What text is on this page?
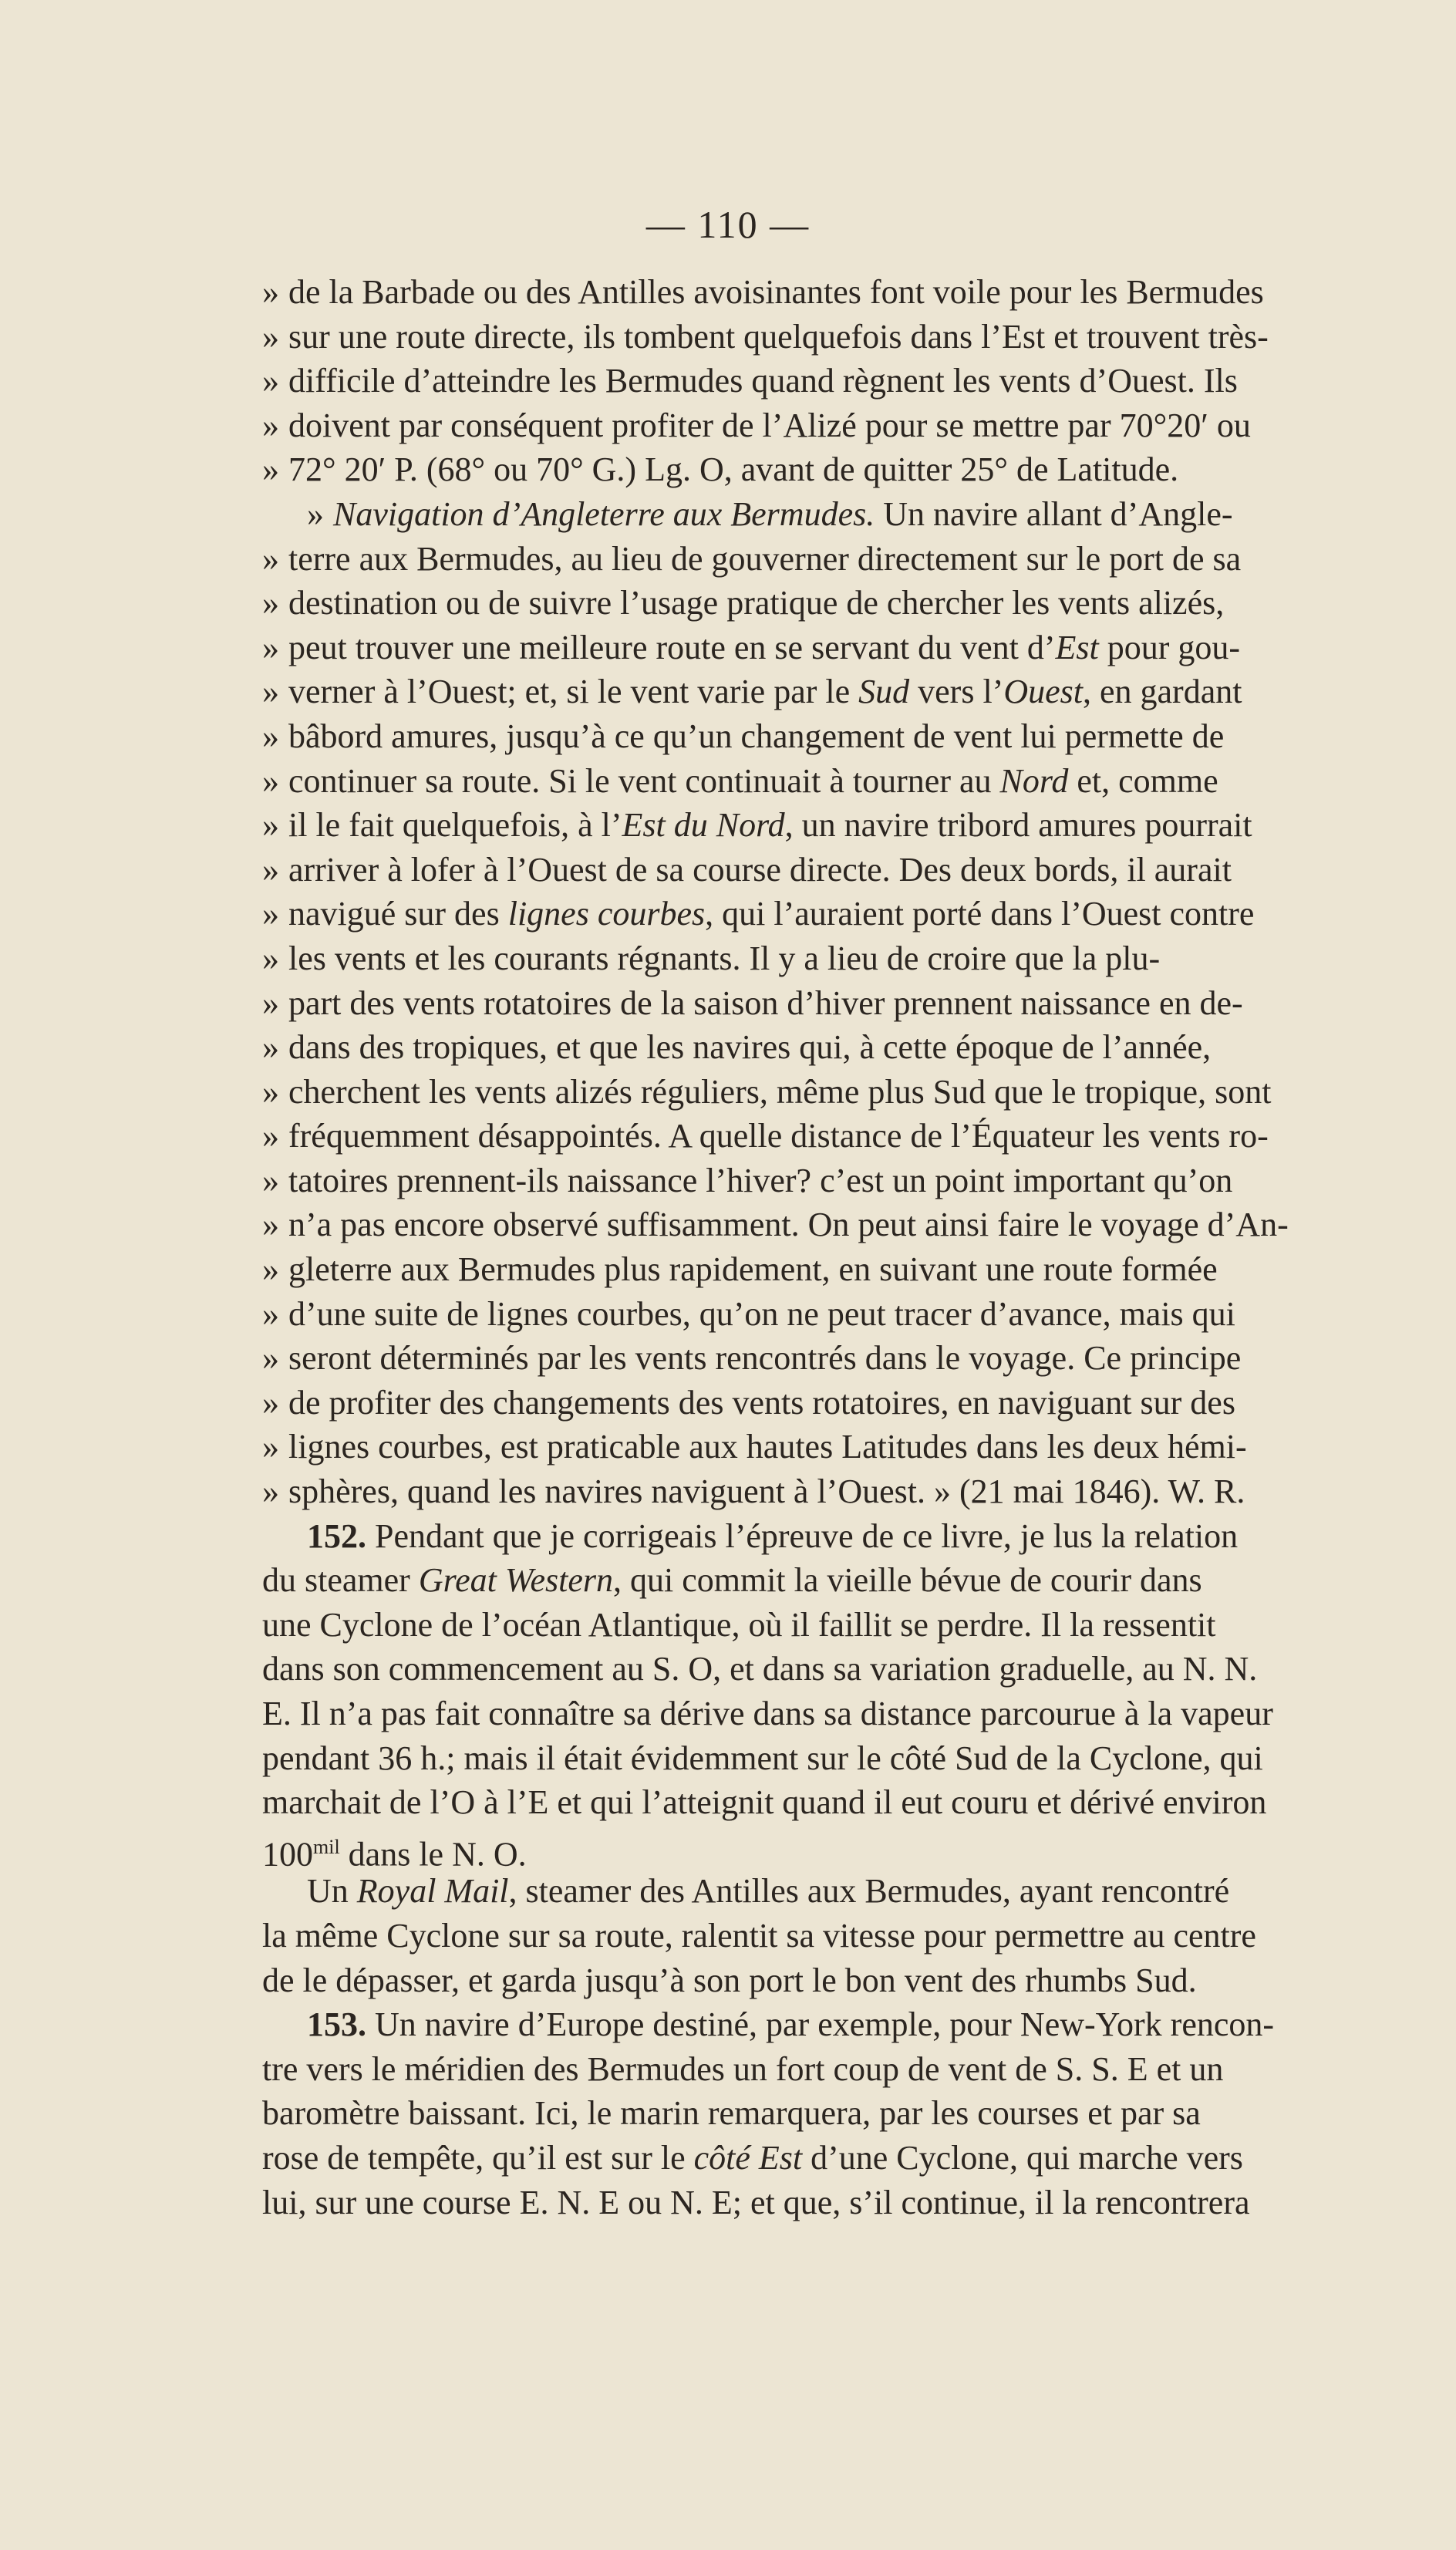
— 110 —
»de la Barbade ou des Antilles avoisinantes font voile pour les Bermudes
»sur une route directe, ils tombent quelquefois dans l’Est et trouvent très-
»difficile d’atteindre les Bermudes quand règnent les vents d’Ouest. Ils
»doivent par conséquent profiter de l’Alizé pour se mettre par 70°20′ ou
»72° 20′ P. (68° ou 70° G.) Lg. O, avant de quitter 25° de Latitude.
»Navigation d’Angleterre aux Bermudes. Un navire allant d’Angle-
»terre aux Bermudes, au lieu de gouverner directement sur le port de sa
»destination ou de suivre l’usage pratique de chercher les vents alizés,
»peut trouver une meilleure route en se servant du vent d’Est pour gou-
»verner à l’Ouest; et, si le vent varie par le Sud vers l’Ouest, en gardant
»bâbord amures, jusqu’à ce qu’un changement de vent lui permette de
»continuer sa route. Si le vent continuait à tourner au Nord et, comme
»il le fait quelquefois, à l’Est du Nord, un navire tribord amures pourrait
»arriver à lofer à l’Ouest de sa course directe. Des deux bords, il aurait
»navigué sur des lignes courbes, qui l’auraient porté dans l’Ouest contre
»les vents et les courants régnants. Il y a lieu de croire que la plu-
»part des vents rotatoires de la saison d’hiver prennent naissance en de-
»dans des tropiques, et que les navires qui, à cette époque de l’année,
»cherchent les vents alizés réguliers, même plus Sud que le tropique, sont
»fréquemment désappointés. A quelle distance de l’Équateur les vents ro-
»tatoires prennent-ils naissance l’hiver? c’est un point important qu’on
»n’a pas encore observé suffisamment. On peut ainsi faire le voyage d’An-
»gleterre aux Bermudes plus rapidement, en suivant une route formée
»d’une suite de lignes courbes, qu’on ne peut tracer d’avance, mais qui
»seront déterminés par les vents rencontrés dans le voyage. Ce principe
»de profiter des changements des vents rotatoires, en naviguant sur des
»lignes courbes, est praticable aux hautes Latitudes dans les deux hémi-
»sphères, quand les navires naviguent à l’Ouest. » (21 mai 1846). W. R.
152. Pendant que je corrigeais l’épreuve de ce livre, je lus la relation
du steamer Great Western, qui commit la vieille bévue de courir dans
une Cyclone de l’océan Atlantique, où il faillit se perdre. Il la ressentit
dans son commencement au S. O, et dans sa variation graduelle, au N. N.
E. Il n’a pas fait connaître sa dérive dans sa distance parcourue à la vapeur
pendant 36 h.; mais il était évidemment sur le côté Sud de la Cyclone, qui
marchait de l’O à l’E et qui l’atteignit quand il eut couru et dérivé environ
$100^{mil}$ dans le N. O.
Un Royal Mail, steamer des Antilles aux Bermudes, ayant rencontré
la même Cyclone sur sa route, ralentit sa vitesse pour permettre au centre
de le dépasser, et garda jusqu’à son port le bon vent des rhumbs Sud.
153. Un navire d’Europe destiné, par exemple, pour New-York rencon-
tre vers le méridien des Bermudes un fort coup de vent de S. S. E et un
baromètre baissant. Ici, le marin remarquera, par les courses et par sa
rose de tempête, qu’il est sur le côté Est d’une Cyclone, qui marche vers
lui, sur une course E. N. E ou N. E; et que, s’il continue, il la rencontrera
